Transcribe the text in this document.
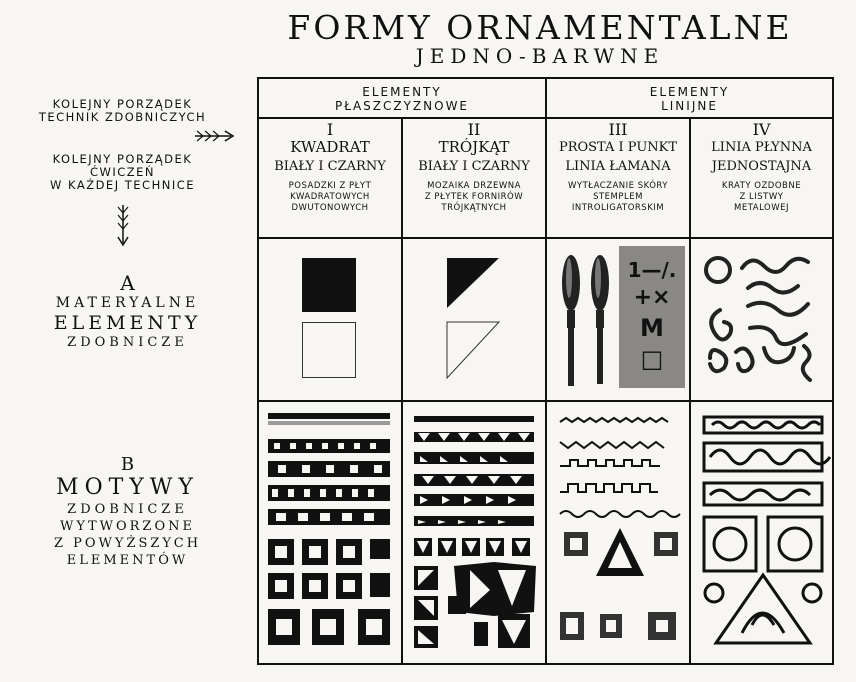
FORMY ORNAMENTALNE
JEDNO-BARWNE
KOLEJNY PORZĄDEK
TECHNIK ZDOBNICZYCH
KOLEJNY PORZĄDEK
ĆWICZEŃ
W KAŻDEJ TECHNICE
A
MATERYALNE
ELEMENTY
ZDOBNICZE
B
MOTYWY
ZDOBNICZE
WYTWORZONE
Z POWYŻSZYCH
ELEMENTÓW
ELEMENTY
PŁASZCZYZNOWE
ELEMENTY
LINIJNE
I
KWADRAT
BIAŁY I CZARNY
POSADZKI Z PŁYT
KWADRATOWYCH
DWUTONOWYCH
II
TRÓJKĄT
BIAŁY I CZARNY
MOZAIKA DRZEWNA
Z PŁYTEK FORNIRÓW
TRÓJKĄTNYCH
III
PROSTA I PUNKT
LINIA ŁAMANA
WYTŁACZANIE SKÓRY
STEMPLEM
INTROLIGATORSKIM
IV
LINIA PŁYNNA
JEDNOSTAJNA
KRATY OZDOBNE
Z LISTWY
METALOWEJ
1—/.
+×
M
□
